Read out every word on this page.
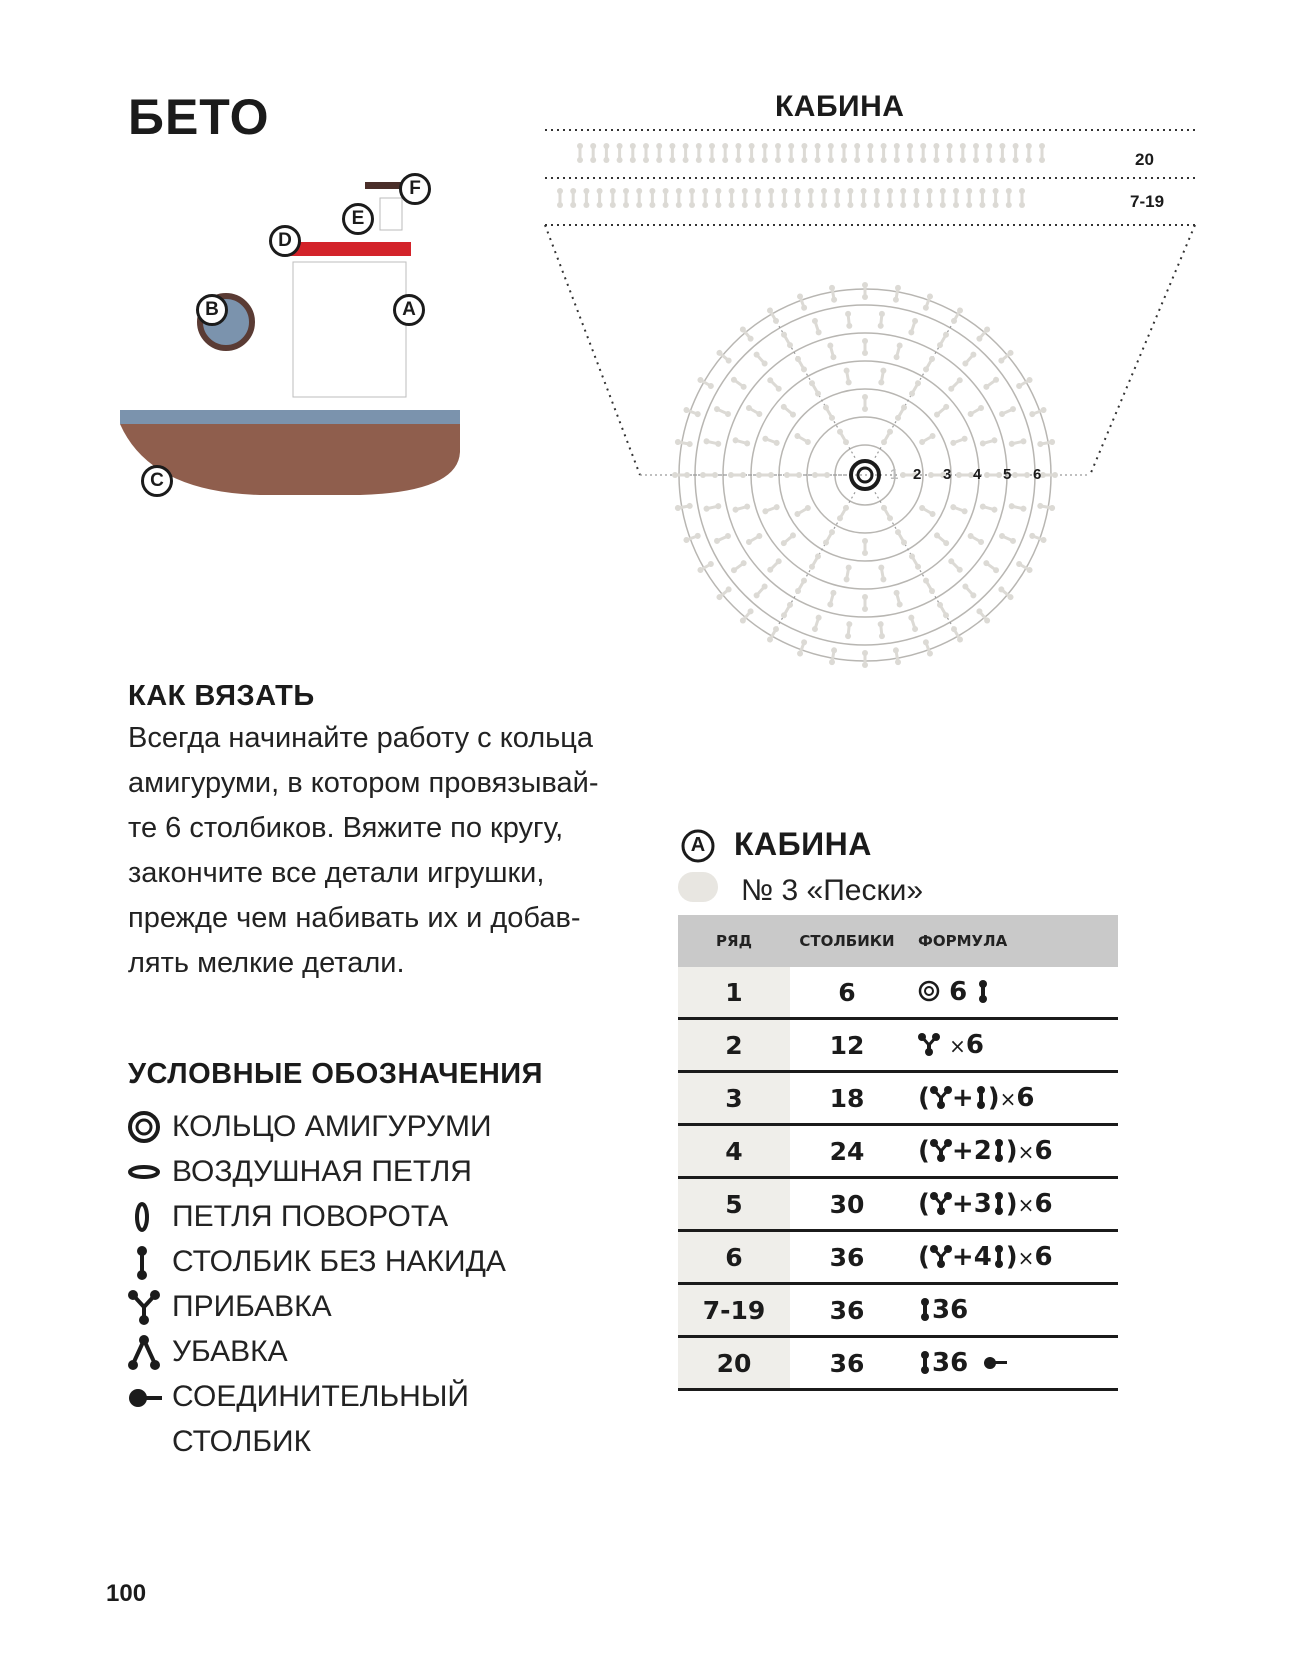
БЕТО
F
E
D
B	A
C
КАБИНА
20
7-19
1 2 3 4 5 6
КАК ВЯЗАТЬ
Всегда начинайте работу с кольца
амигуруми, в котором провязывай-
те 6 столбиков. Вяжите по кругу,
закончите все детали игрушки,
прежде чем набивать их и добав-
лять мелкие детали.
УСЛОВНЫЕ ОБОЗНАЧЕНИЯ
КОЛЬЦО АМИГУРУМИ
ВОЗДУШНАЯ ПЕТЛЯ
ПЕТЛЯ ПОВОРОТА
СТОЛБИК БЕЗ НАКИДА
ПРИБАВКА
УБАВКА
СОЕДИНИТЕЛЬНЫЙ
СТОЛБИК
A КАБИНА
№ 3 «Пески»
РЯД	СТОЛБИКИ	ФОРМУЛА
1	6	6
2	12	×6
3	18	( + )×6
4	24	( +2 )×6
5	30	( +3 )×6
6	36	( +4 )×6
7-19	36	36
20	36	36
100
